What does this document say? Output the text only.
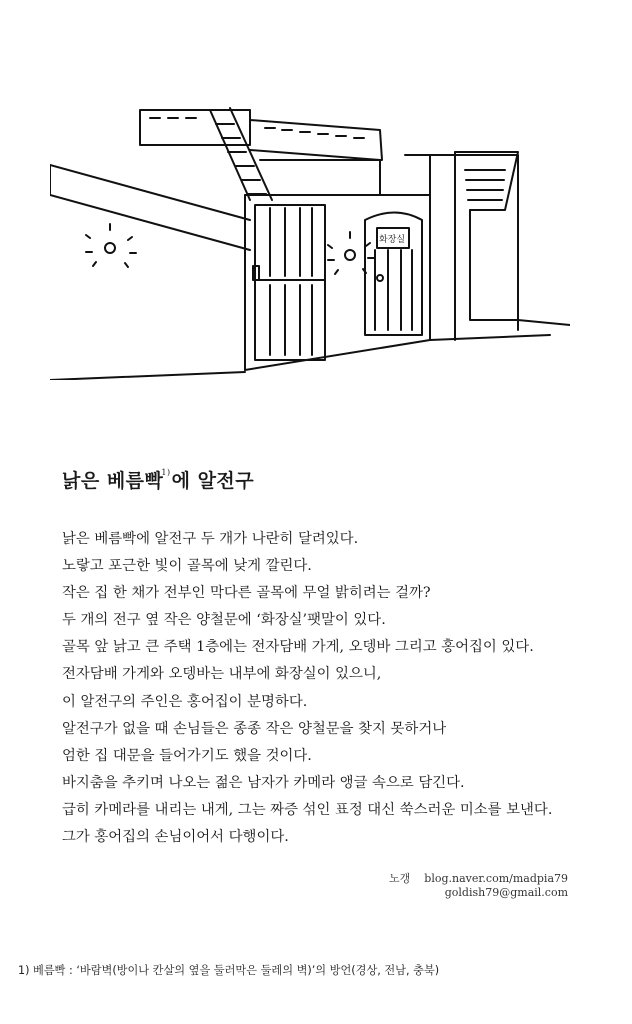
화장실
낡은 베름빡$^{1)}$에 알전구

낡은 베름빡에 알전구 두 개가 나란히 달려있다.

노랗고 포근한 빛이 골목에 낮게 깔린다.

작은 집 한 채가 전부인 막다른 골목에 무얼 밝히려는 걸까?

두 개의 전구 옆 작은 양철문에 ‘화장실’팻말이 있다.

골목 앞 낡고 큰 주택 1층에는 전자담배 가게, 오뎅바 그리고 홍어집이 있다.

전자담배 가게와 오뎅바는 내부에 화장실이 있으니,

이 알전구의 주인은 홍어집이 분명하다.

알전구가 없을 때 손님들은 종종 작은 양철문을 찾지 못하거나

엄한 집 대문을 들어가기도 했을 것이다.

바지춤을 추키며 나오는 젊은 남자가 카메라 앵글 속으로 담긴다.

급히 카메라를 내리는 내게, 그는 짜증 섞인 표정 대신 쑥스러운 미소를 보낸다.

그가 홍어집의 손님이어서 다행이다.

노갱 blog.naver.com/madpia79
goldish79@gmail.com
1) 베름빡 : ‘바람벽(방이나 칸살의 옆을 둘러막은 둘레의 벽)’의 방언(경상, 전남, 충북)
